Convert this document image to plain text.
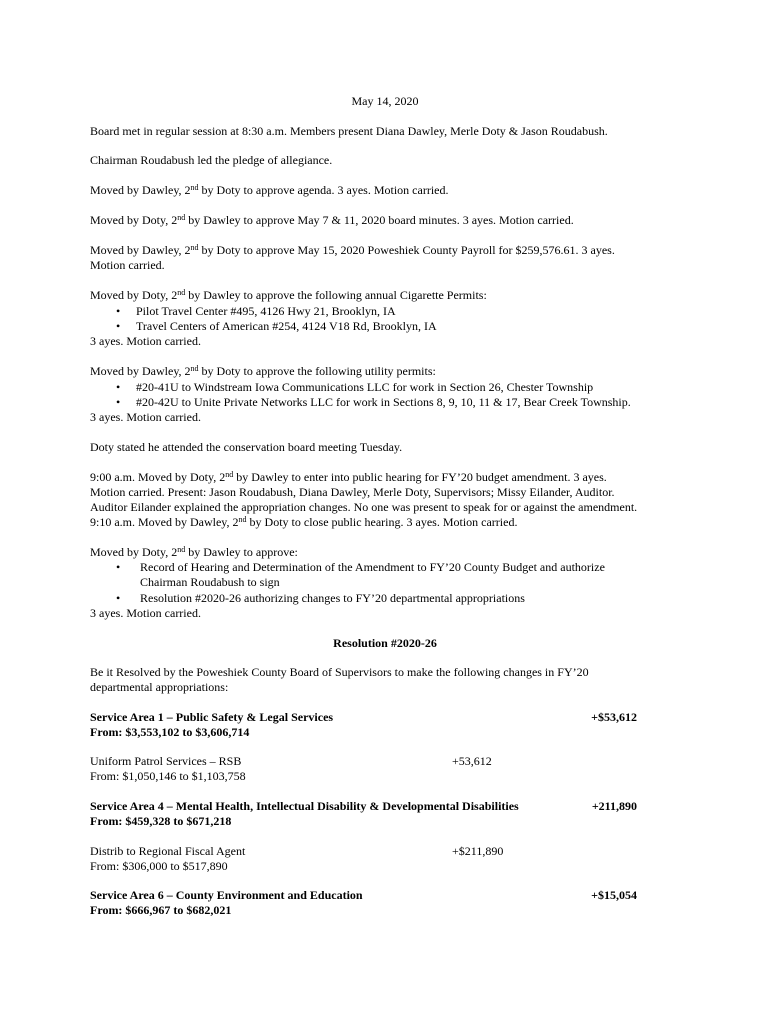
May 14, 2020
Board met in regular session at 8:30 a.m. Members present Diana Dawley, Merle Doty & Jason Roudabush.
Chairman Roudabush led the pledge of allegiance.
Moved by Dawley, 2nd by Doty to approve agenda. 3 ayes. Motion carried.
Moved by Doty, 2nd by Dawley to approve May 7 & 11, 2020 board minutes. 3 ayes. Motion carried.
Moved by Dawley, 2nd by Doty to approve May 15, 2020 Poweshiek County Payroll for $259,576.61. 3 ayes.
Motion carried.
Moved by Doty, 2nd by Dawley to approve the following annual Cigarette Permits:
• Pilot Travel Center #495, 4126 Hwy 21, Brooklyn, IA
• Travel Centers of American #254, 4124 V18 Rd, Brooklyn, IA
3 ayes. Motion carried.
Moved by Dawley, 2nd by Doty to approve the following utility permits:
• #20-41U to Windstream Iowa Communications LLC for work in Section 26, Chester Township
• #20-42U to Unite Private Networks LLC for work in Sections 8, 9, 10, 11 & 17, Bear Creek Township.
3 ayes. Motion carried.
Doty stated he attended the conservation board meeting Tuesday.
9:00 a.m. Moved by Doty, 2nd by Dawley to enter into public hearing for FY’20 budget amendment. 3 ayes.
Motion carried. Present: Jason Roudabush, Diana Dawley, Merle Doty, Supervisors; Missy Eilander, Auditor.
Auditor Eilander explained the appropriation changes. No one was present to speak for or against the amendment.
9:10 a.m. Moved by Dawley, 2nd by Doty to close public hearing. 3 ayes. Motion carried.
Moved by Doty, 2nd by Dawley to approve:
• Record of Hearing and Determination of the Amendment to FY’20 County Budget and authorize
Chairman Roudabush to sign
• Resolution #2020-26 authorizing changes to FY’20 departmental appropriations
3 ayes. Motion carried.
Resolution #2020-26
Be it Resolved by the Poweshiek County Board of Supervisors to make the following changes in FY’20
departmental appropriations:
Service Area 1 – Public Safety & Legal Services	+$53,612
From: $3,553,102 to $3,606,714
Uniform Patrol Services – RSB	+53,612
From: $1,050,146 to $1,103,758
Service Area 4 – Mental Health, Intellectual Disability & Developmental Disabilities	+211,890
From: $459,328 to $671,218
Distrib to Regional Fiscal Agent	+$211,890
From: $306,000 to $517,890
Service Area 6 – County Environment and Education	+$15,054
From: $666,967 to $682,021
